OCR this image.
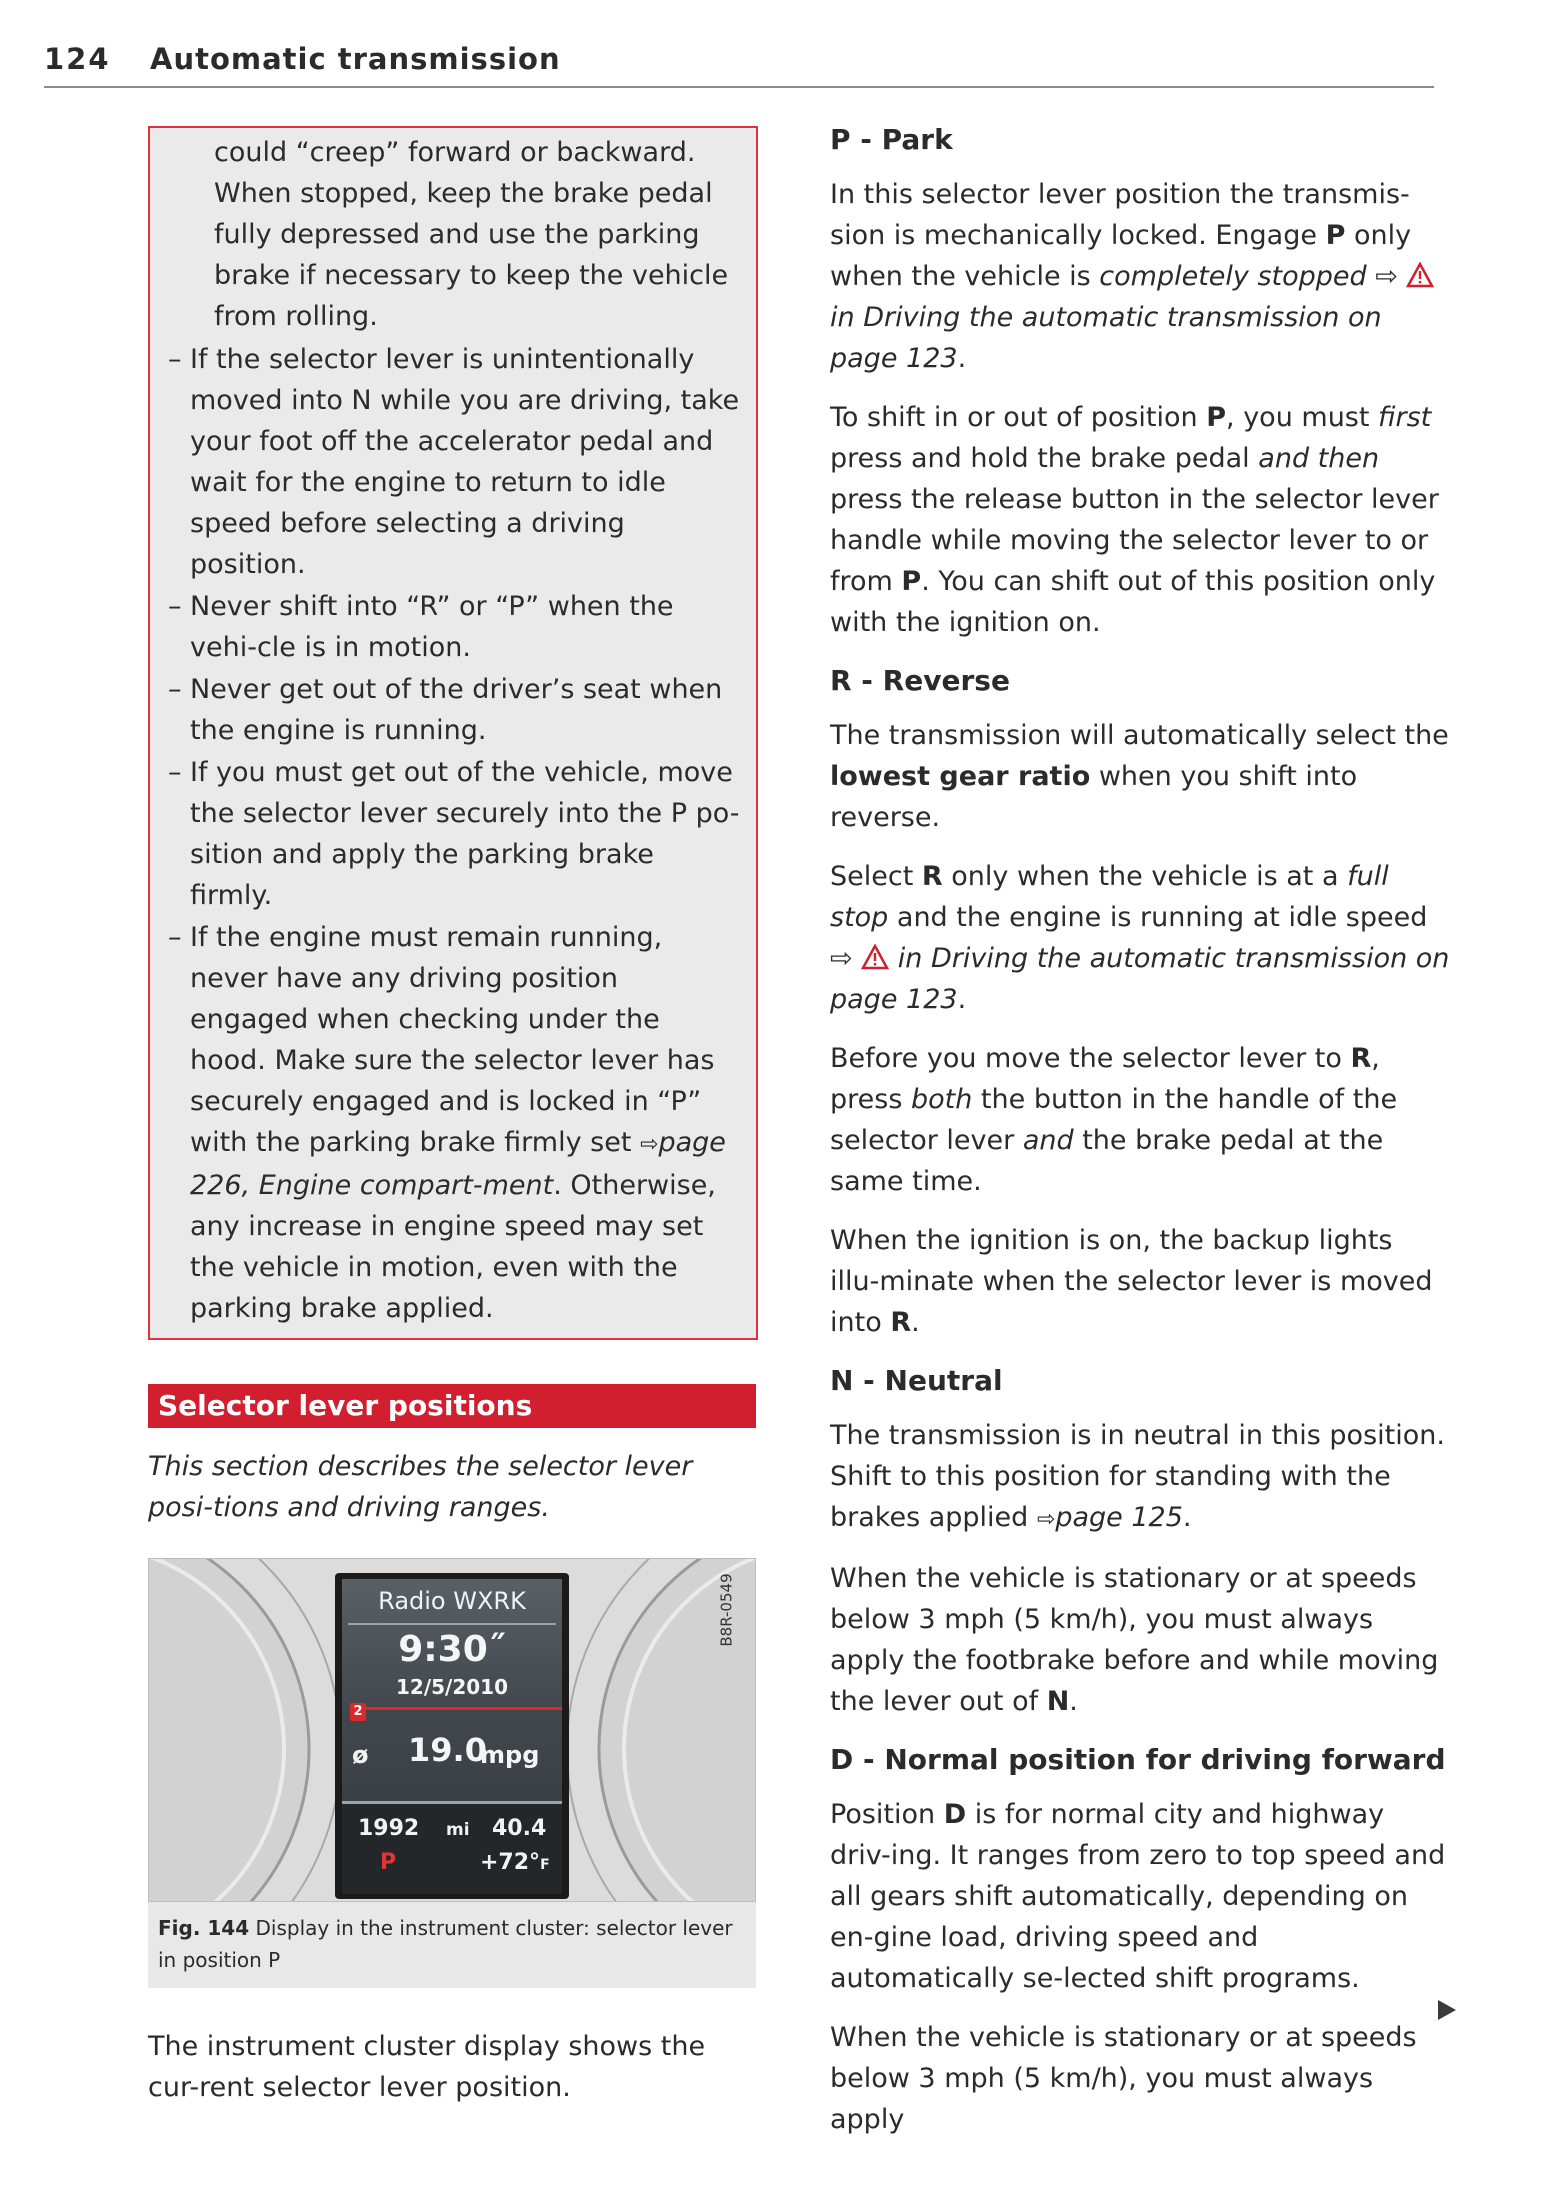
124 Automatic transmission

could “creep” forward or backward. When stopped, keep the brake pedal fully depressed and use the parking brake if necessary to keep the vehicle from rolling.

– If the selector lever is unintentionally moved into N while you are driving, take your foot off the accelerator pedal and wait for the engine to return to idle speed before selecting a driving position.
– Never shift into “R” or “P” when the vehi-cle is in motion.
– Never get out of the driver’s seat when the engine is running.
– If you must get out of the vehicle, move the selector lever securely into the P po-sition and apply the parking brake firmly.
– If the engine must remain running, never have any driving position engaged when checking under the hood. Make sure the selector lever has securely engaged and is locked in “P” with the parking brake firmly set ⇨page 226, Engine compart-ment. Otherwise, any increase in engine speed may set the vehicle in motion, even with the parking brake applied.
Selector lever positions

This section describes the selector lever posi-tions and driving ranges.

Radio WXRK
9:30˝
12/5/2010
2
ø 19.0
mpg
1992 mi 40.4
P	+72°F
B8R-0549
Fig. 144 Display in the instrument cluster: selector lever in position P

The instrument cluster display shows the cur-rent selector lever position.

P - Park

In this selector lever position the transmis-sion is mechanically locked. Engage P only when the vehicle is completely stopped ⇨  in Driving the automatic transmission on page 123.

To shift in or out of position P, you must first press and hold the brake pedal and then press the release button in the selector lever handle while moving the selector lever to or from P. You can shift out of this position only with the ignition on.

R - Reverse

The transmission will automatically select the lowest gear ratio when you shift into reverse.

Select R only when the vehicle is at a full stop and the engine is running at idle speed ⇨  in Driving the automatic transmission on page 123.

Before you move the selector lever to R, press both the button in the handle of the selector lever and the brake pedal at the same time.

When the ignition is on, the backup lights illu-minate when the selector lever is moved into R.

N - Neutral

The transmission is in neutral in this position. Shift to this position for standing with the brakes applied ⇨page 125.

When the vehicle is stationary or at speeds below 3 mph (5 km/h), you must always apply the footbrake before and while moving the lever out of N.

D - Normal position for driving forward

Position D is for normal city and highway driv-ing. It ranges from zero to top speed and all gears shift automatically, depending on en-gine load, driving speed and automatically se-lected shift programs.

When the vehicle is stationary or at speeds below 3 mph (5 km/h), you must always apply
